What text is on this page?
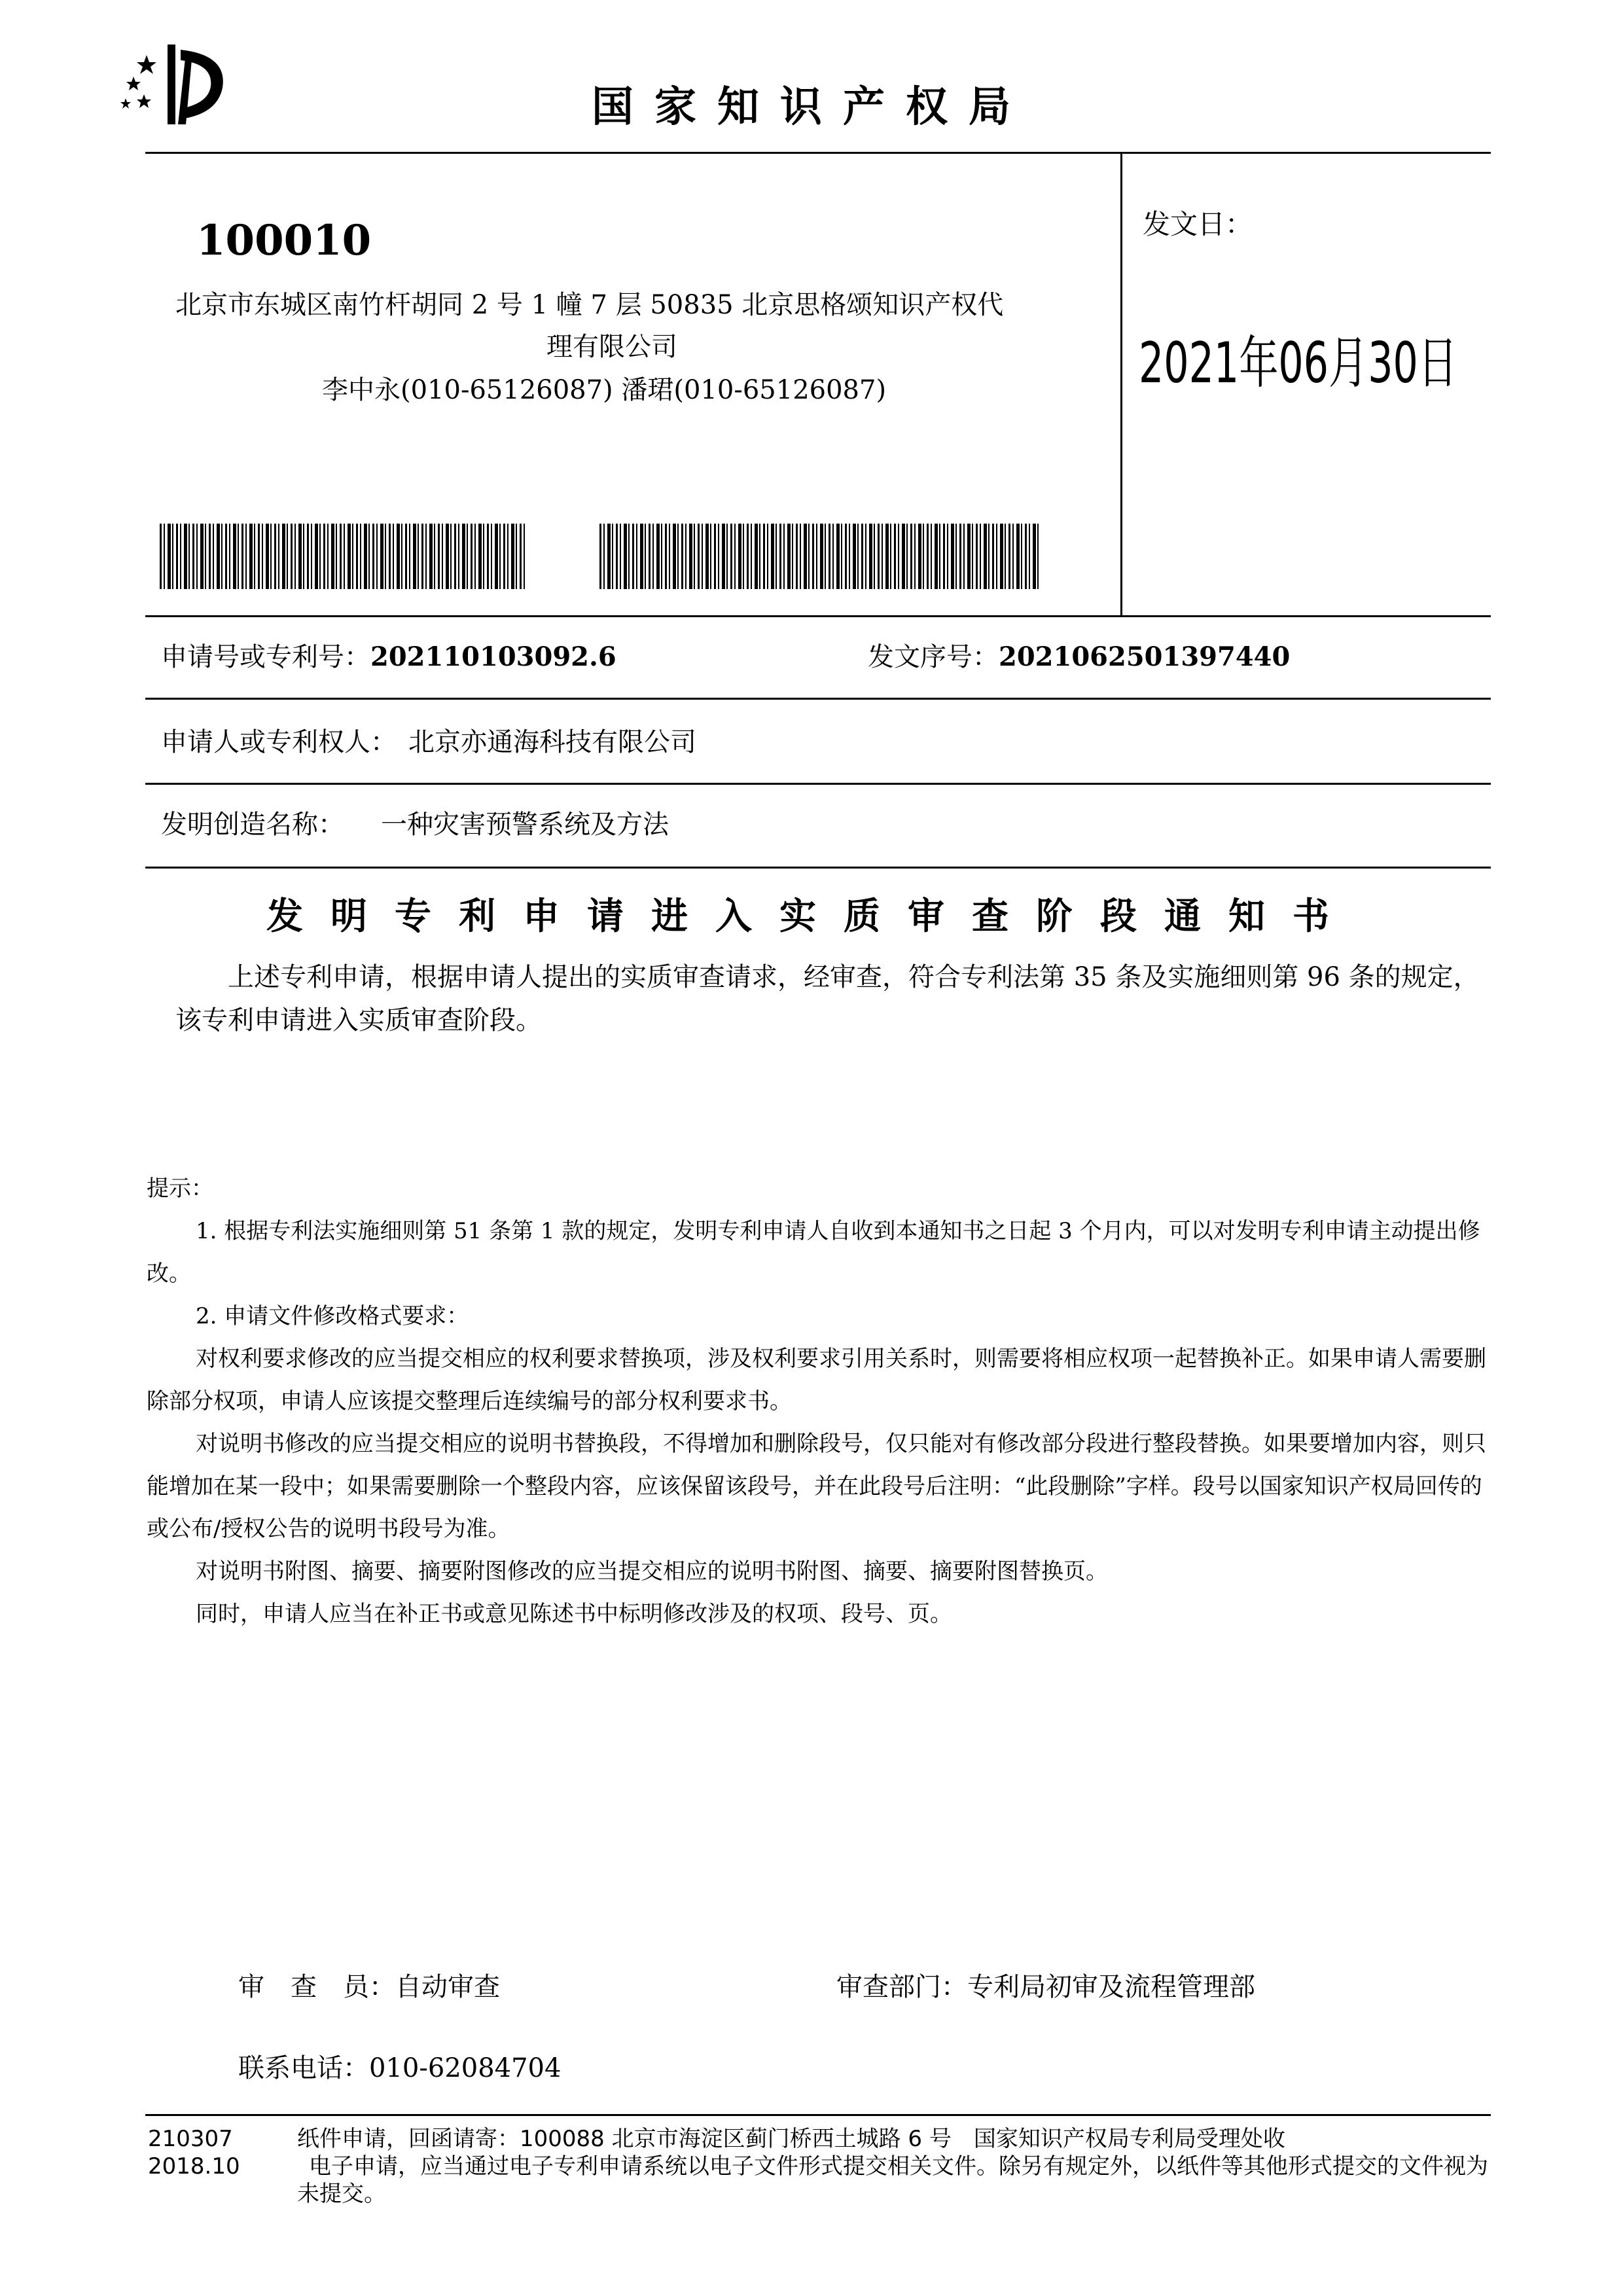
国家知识产权局
100010
北京市东城区南竹杆胡同 2 号 1 幢 7 层 50835 北京思格颂知识产权代
理有限公司
李中永(010-65126087) 潘珺(010-65126087)
发文日：
2021年06月30日
申请号或专利号：202110103092.6	发文序号：2021062501397440
申请人或专利权人： 北京亦通海科技有限公司
发明创造名称： 一种灾害预警系统及方法
发明专利申请进入实质审查阶段通知书
上述专利申请，根据申请人提出的实质审查请求，经审查，符合专利法第 35 条及实施细则第 96 条的规定，该专利申请进入实质审查阶段。
提示：

1. 根据专利法实施细则第 51 条第 1 款的规定，发明专利申请人自收到本通知书之日起 3 个月内，可以对发明专利申请主动提出修改。

2. 申请文件修改格式要求：

对权利要求修改的应当提交相应的权利要求替换项，涉及权利要求引用关系时，则需要将相应权项一起替换补正。如果申请人需要删除部分权项，申请人应该提交整理后连续编号的部分权利要求书。

对说明书修改的应当提交相应的说明书替换段，不得增加和删除段号，仅只能对有修改部分段进行整段替换。如果要增加内容，则只能增加在某一段中；如果需要删除一个整段内容，应该保留该段号，并在此段号后注明：“此段删除”字样。段号以国家知识产权局回传的或公布/授权公告的说明书段号为准。

对说明书附图、摘要、摘要附图修改的应当提交相应的说明书附图、摘要、摘要附图替换页。

同时，申请人应当在补正书或意见陈述书中标明修改涉及的权项、段号、页。

审　查　员：自动审查	审查部门：专利局初审及流程管理部
联系电话：010-62084704
210307
2018.10
纸件申请，回函请寄：100088 北京市海淀区蓟门桥西土城路 6 号　国家知识产权局专利局受理处收
电子申请，应当通过电子专利申请系统以电子文件形式提交相关文件。除另有规定外，以纸件等其他形式提交的文件视为未提交。
